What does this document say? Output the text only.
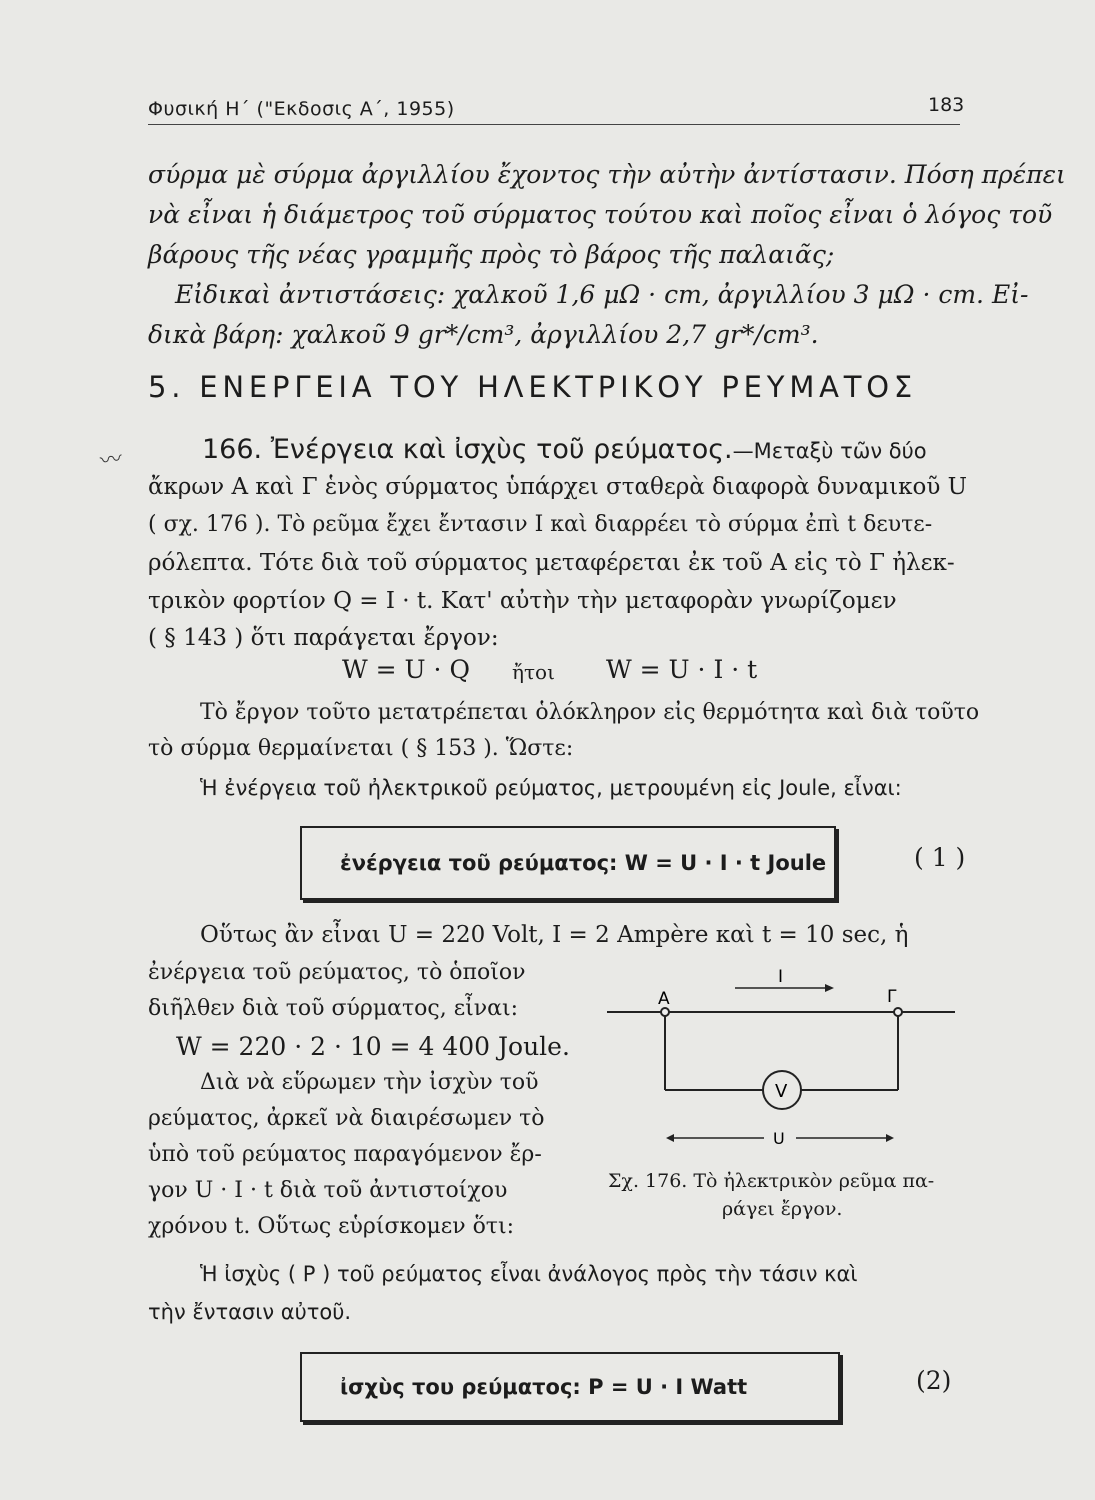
Φυσική Η΄ ("Εκδοσις Α΄, 1955)	183
σύρμα μὲ σύρμα ἀργιλλίου ἔχοντος τὴν αὐτὴν ἀντίστασιν. Πόση πρέπει
νὰ εἶναι ἡ διάμετρος τοῦ σύρματος τούτου καὶ ποῖος εἶναι ὁ λόγος τοῦ
βάρους τῆς νέας γραμμῆς πρὸς τὸ βάρος τῆς παλαιᾶς;
Εἰδικαὶ ἀντιστάσεις: χαλκοῦ 1,6 μΩ · cm, ἀργιλλίου 3 μΩ · cm. Εἰ-
δικὰ βάρη: χαλκοῦ 9 gr*/cm³, ἀργιλλίου 2,7 gr*/cm³.
5. ΕΝΕΡΓΕΙΑ ΤΟΥ ΗΛΕΚΤΡΙΚΟΥ ΡΕΥΜΑΤΟΣ
〰	166. Ἐνέργεια καὶ ἰσχὺς τοῦ ρεύματος.—Μεταξὺ τῶν δύο
ἄκρων Α καὶ Γ ἑνὸς σύρματος ὑπάρχει σταθερὰ διαφορὰ δυναμικοῦ U
( σχ. 176 ). Τὸ ρεῦμα ἔχει ἔντασιν I καὶ διαρρέει τὸ σύρμα ἐπὶ t δευτε-
ρόλεπτα. Τότε διὰ τοῦ σύρματος μεταφέρεται ἐκ τοῦ Α εἰς τὸ Γ ἠλεκ-
τρικὸν φορτίον Q = I · t. Κατ' αὐτὴν τὴν μεταφορὰν γνωρίζομεν
( § 143 ) ὅτι παράγεται ἔργον:
W = U · Q ἤτοι W = U · I · t
Τὸ ἔργον τοῦτο μετατρέπεται ὁλόκληρον εἰς θερμότητα καὶ διὰ τοῦτο
τὸ σύρμα θερμαίνεται ( § 153 ). Ὥστε:
Ἡ ἐνέργεια τοῦ ἠλεκτρικοῦ ρεύματος, μετρουμένη εἰς Joule, εἶναι:
ἐνέργεια τοῦ ρεύματος: W = U · I · t Joule	( 1 )
Οὕτως ἂν εἶναι U = 220 Volt, I = 2 Ampère καὶ t = 10 sec, ἡ
ἐνέργεια τοῦ ρεύματος, τὸ ὁποῖον
διῆλθεν διὰ τοῦ σύρματος, εἶναι:
W = 220 · 2 · 10 = 4 400 Joule.
Διὰ νὰ εὕρωμεν τὴν ἰσχὺν τοῦ
ρεύματος, ἀρκεῖ νὰ διαιρέσωμεν τὸ
ὑπὸ τοῦ ρεύματος παραγόμενον ἔρ-
γον U · I · t διὰ τοῦ ἀντιστοίχου
χρόνου t. Οὕτως εὑρίσκομεν ὅτι:
Α	Γ
I
V
U
Σχ. 176. Τὸ ἠλεκτρικὸν ρεῦμα πα-
ράγει ἔργον.
Ἡ ἰσχὺς ( Ρ ) τοῦ ρεύματος εἶναι ἀνάλογος πρὸς τὴν τάσιν καὶ
τὴν ἔντασιν αὐτοῦ.
ἰσχὺς του ρεύματος: P = U · I Watt	(2)
